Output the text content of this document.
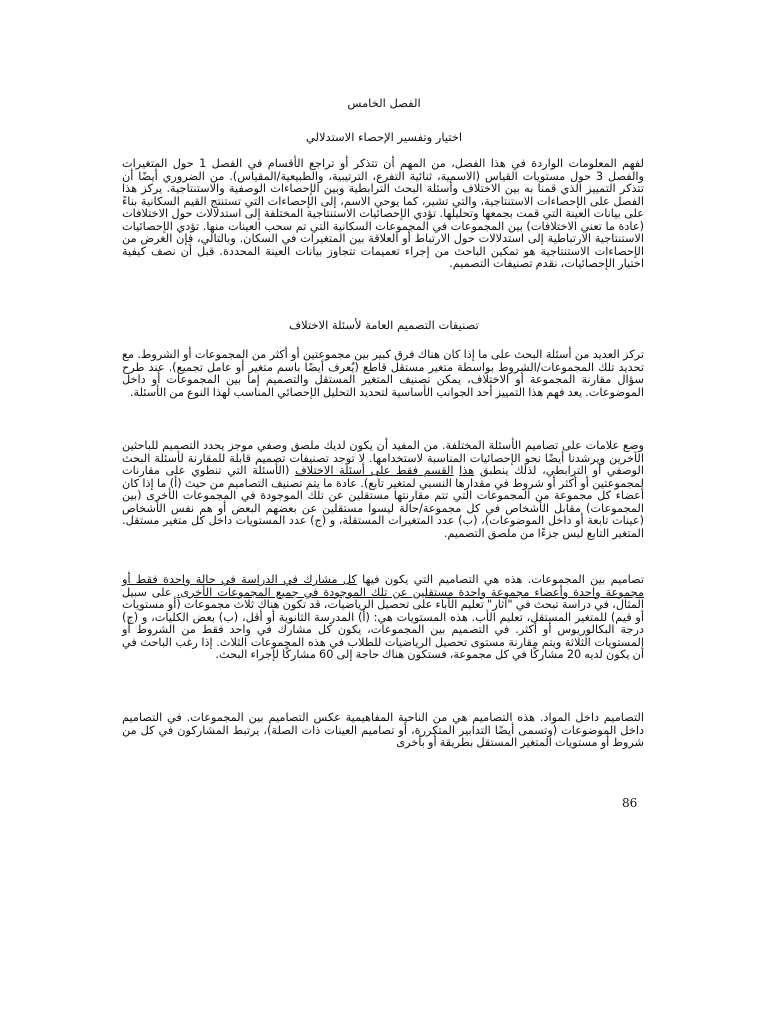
الفصل الخامس
اختيار وتفسير الإحصاء الاستدلالي

لفهم المعلومات الواردة في هذا الفصل، من المهم أن تتذكر أو تراجع الأقسام في الفصل 1 حول المتغيرات والفصل 3 حول مستويات القياس (الاسمية، ثنائية التفرع، الترتيبية، والطبيعية/المقياس). من الضروري أيضًا أن تتذكر التمييز الذي قمنا به بين الاختلاف وأسئلة البحث الترابطية وبين الإحصاءات الوصفية والاستنتاجية. يركز هذا الفصل على الإحصاءات الاستنتاجية، والتي تشير، كما يوحي الاسم، إلى الإحصاءات التي تستنتج القيم السكانية بناءً على بيانات العينة التي قمت بجمعها وتحليلها. تؤدي الإحصائيات الاستنتاجية المختلفة إلى استدلالات حول الاختلافات (عادة ما تعني الاختلافات) بين المجموعات في المجموعات السكانية التي تم سحب العينات منها. تؤدي الإحصائيات الاستنتاجية الارتباطية إلى استدلالات حول الارتباط أو العلاقة بين المتغيرات في السكان. وبالتالي، فإن الغرض من الإحصاءات الاستنتاجية هو تمكين الباحث من إجراء تعميمات تتجاوز بيانات العينة المحددة. قبل أن نصف كيفية اختيار الإحصائيات، نقدم تصنيفات التصميم.

تصنيفات التصميم العامة لأسئلة الاختلاف

تركز العديد من أسئلة البحث على ما إذا كان هناك فرق كبير بين مجموعتين أو أكثر من المجموعات أو الشروط. مع تحديد تلك المجموعات/الشروط بواسطة متغير مستقل قاطع (يُعرف أيضًا باسم متغير أو عامل تجميع). عند طرح سؤال مقارنة المجموعة أو الاختلاف، يمكن تصنيف المتغير المستقل والتصميم إما بين المجموعات أو داخل الموضوعات. يعد فهم هذا التمييز أحد الجوانب الأساسية لتحديد التحليل الإحصائي المناسب لهذا النوع من الأسئلة.

وضع علامات على تصاميم الأسئلة المختلفة. من المفيد أن يكون لديك ملصق وصفي موجز يحدد التصميم للباحثين الآخرين ويرشدنا أيضًا نحو الإحصائيات المناسبة لاستخدامها. لا توجد تصنيفات تصميم قابلة للمقارنة لأسئلة البحث الوصفي أو الترابطي، لذلك ينطبق هذا القسم فقط على أسئلة الاختلاف (الأسئلة التي تنطوي على مقارنات لمجموعتين أو أكثر أو شروط في مقدارها النسبي لمتغير تابع). عادة ما يتم تصنيف التصاميم من حيث (أ) ما إذا كان أعضاء كل مجموعة من المجموعات التي تتم مقارنتها مستقلين عن تلك الموجودة في المجموعات الأخرى (بين المجموعات) مقابل الأشخاص في كل مجموعة/حالة ليسوا مستقلين عن بعضهم البعض أو هم نفس الأشخاص (عينات تابعة أو داخل الموضوعات)، (ب) عدد المتغيرات المستقلة، و (ج) عدد المستويات داخل كل متغير مستقل. المتغير التابع ليس جزءًا من ملصق التصميم.

تصاميم بين المجموعات. هذه هي التصاميم التي يكون فيها كل مشارك في الدراسة في حالة واحدة فقط أو مجموعة واحدة وأعضاء مجموعة واحدة مستقلين عن تلك الموجودة في جميع المجموعات الأخرى. على سبيل المثال، في دراسة تبحث في "آثار" تعليم الآباء على تحصيل الرياضيات، قد تكون هناك ثلاث مجموعات (أو مستويات أو قيم) للمتغير المستقل، تعليم الأب. هذه المستويات هي: (أ) المدرسة الثانوية أو أقل، (ب) بعض الكليات، و (ج) درجة البكالوريوس أو أكثر. في التصميم بين المجموعات، يكون كل مشارك في واحد فقط من الشروط أو المستويات الثلاثة ويتم مقارنة مستوى تحصيل الرياضيات للطلاب في هذه المجموعات الثلاث. إذا رغب الباحث في أن يكون لديه 20 مشاركًا في كل مجموعة، فستكون هناك حاجة إلى 60 مشاركًا لإجراء البحث.

التصاميم داخل المواد. هذه التصاميم هي من الناحية المفاهيمية عكس التصاميم بين المجموعات. في التصاميم داخل الموضوعات (وتسمى أيضًا التدابير المتكررة، أو تصاميم العينات ذات الصلة)، يرتبط المشاركون في كل من شروط أو مستويات المتغير المستقل بطريقة أو بأخرى

86
